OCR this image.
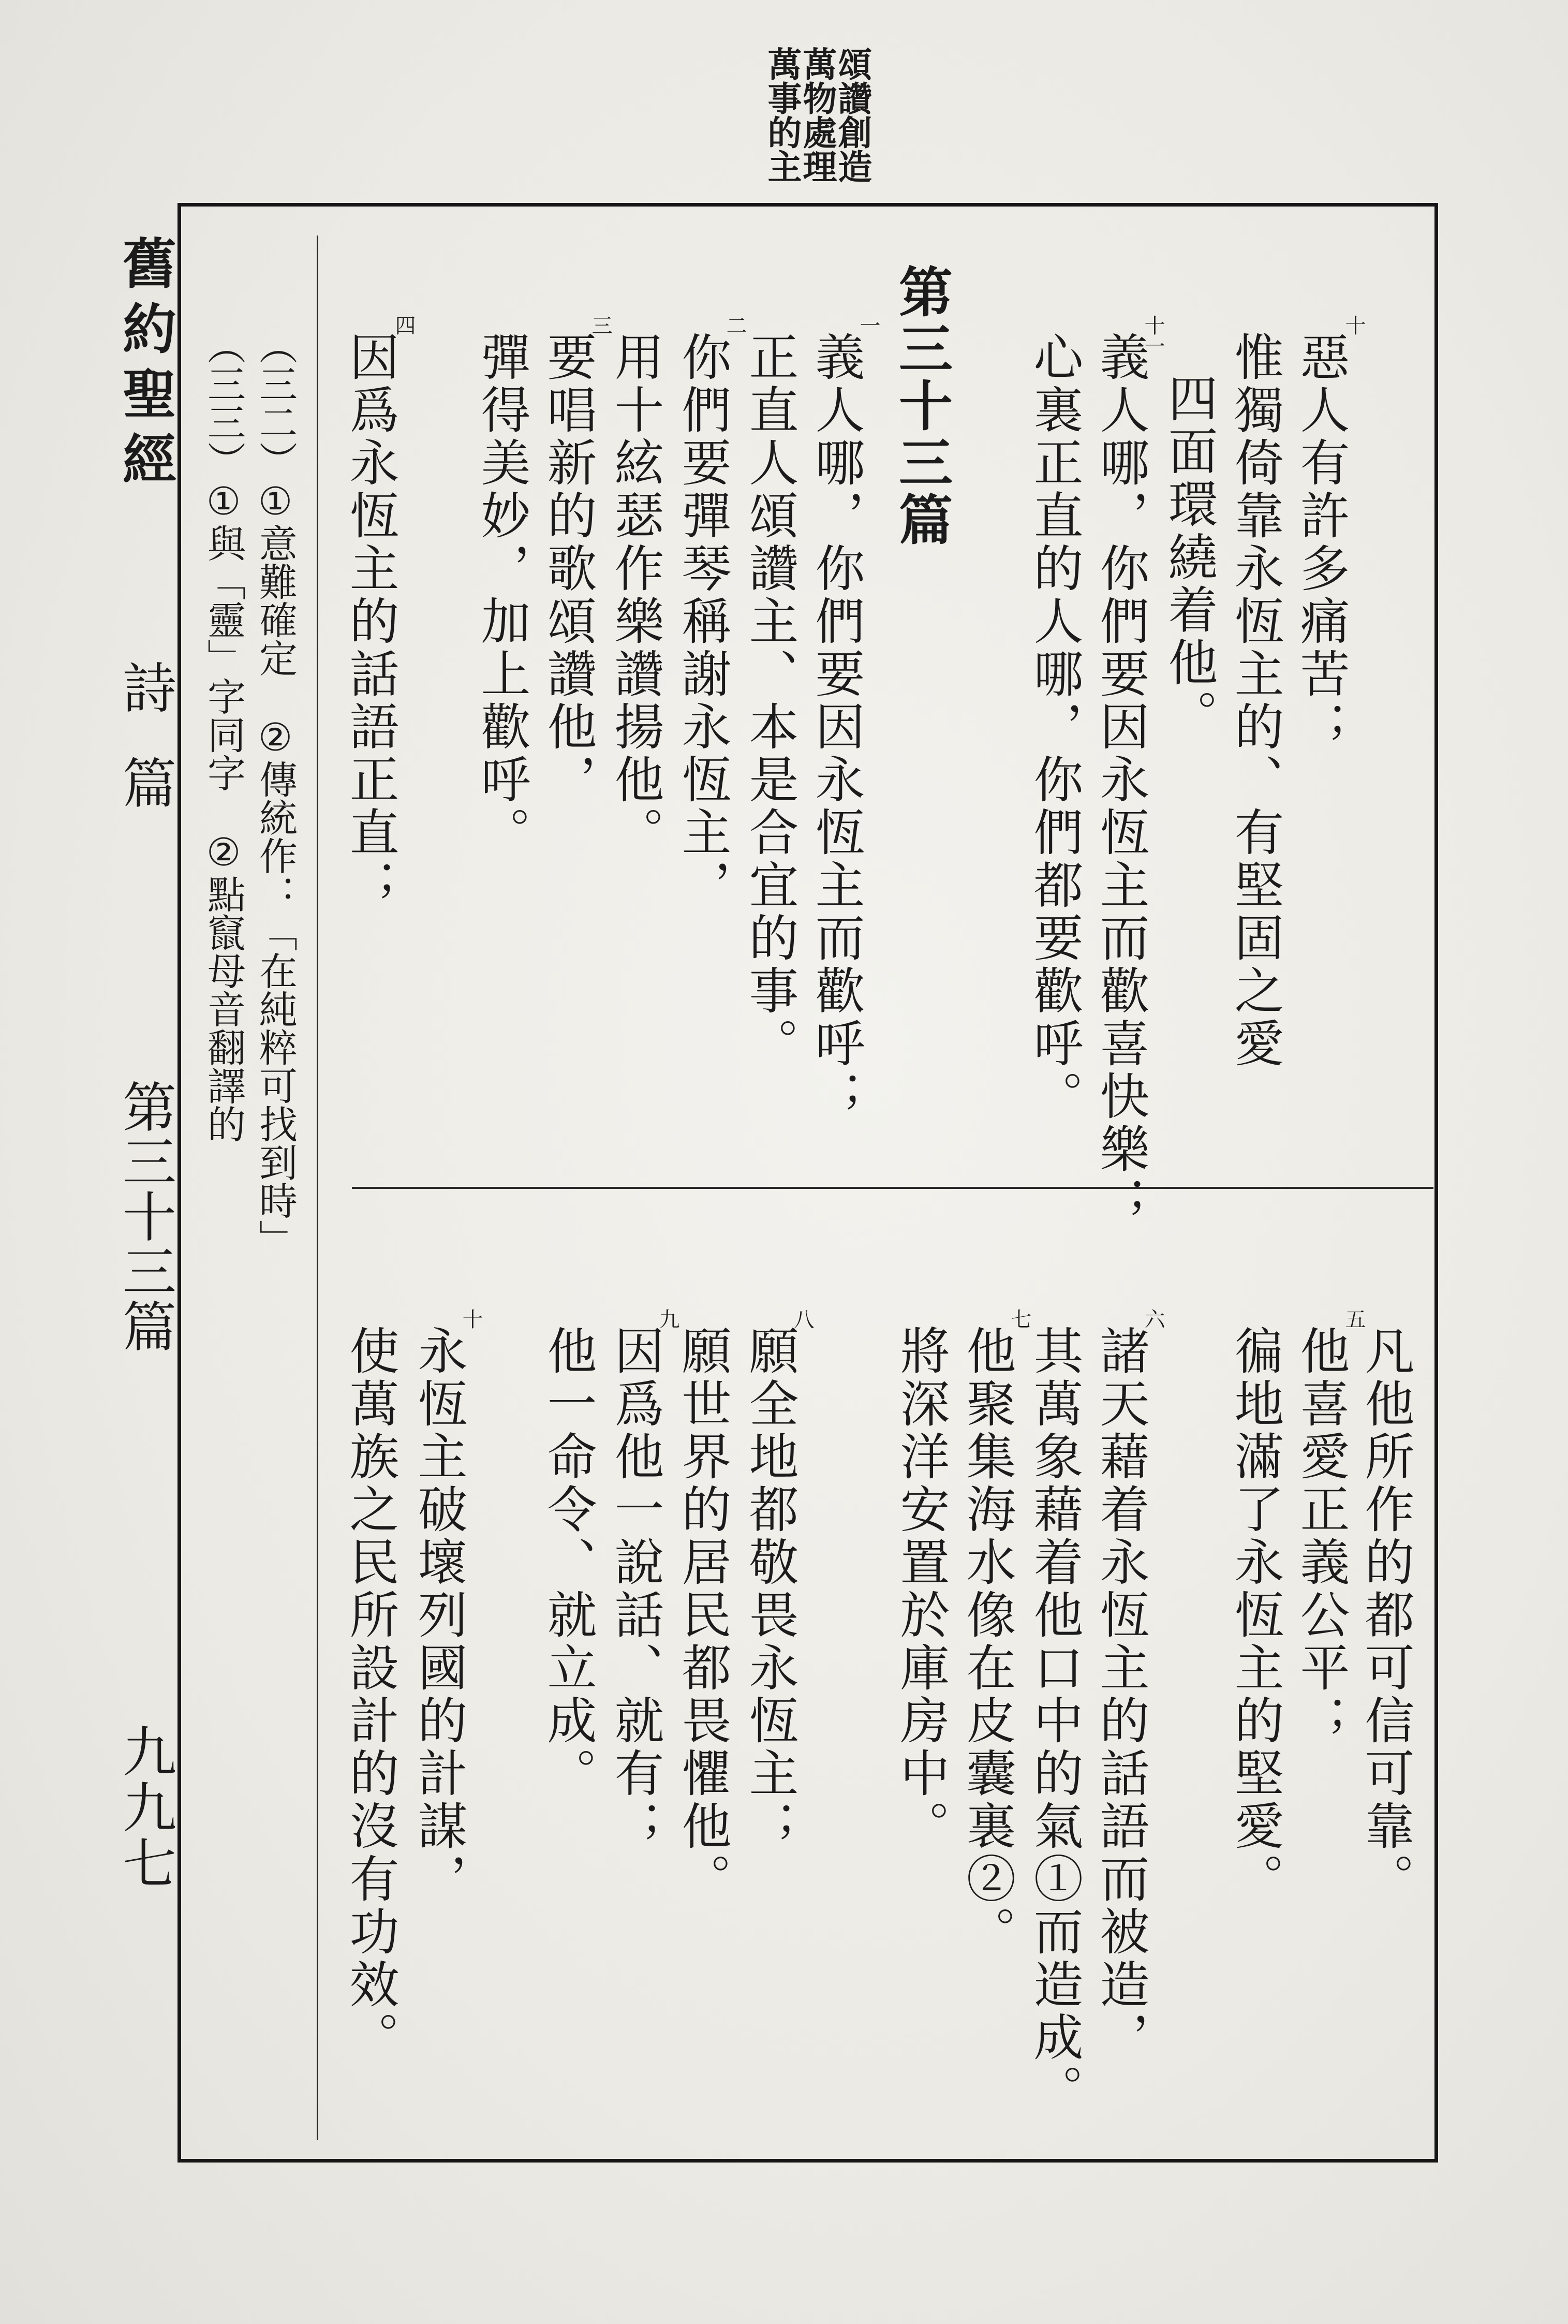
頌讚創造
萬物處理
萬事的主
舊約聖經
詩篇
第三十三篇
九九七
（三二）①意難確定　②傳統作：「在純粹可找到時」
（三三）①與「靈」字同字　②點竄母音翻譯的	第三十三篇	惡人有許多痛苦；
十
惟獨倚靠永恆主的、有堅固之愛
四面環繞着他。
義人哪，你們要因永恆主而歡喜快樂；
十一
心裏正直的人哪，你們都要歡呼。
義人哪，你們要因永恆主而歡呼；
一
正直人頌讚主、本是合宜的事。
你們要彈琴稱謝永恆主，
二
用十絃瑟作樂讚揚他。
要唱新的歌頌讚他，
三
彈得美妙，加上歡呼。
因爲永恆主的話語正直；
四
凡他所作的都可信可靠。
他喜愛正義公平；
五
徧地滿了永恆主的堅愛。
諸天藉着永恆主的話語而被造，
六
其萬象藉着他口中的氣①而造成。
他聚集海水像在皮囊裏②。
七
將深洋安置於庫房中。
願全地都敬畏永恆主；
八
願世界的居民都畏懼他。
因爲他一說話、就有；
九
他一命令、就立成。
永恆主破壞列國的計謀，
十
使萬族之民所設計的沒有功效。
